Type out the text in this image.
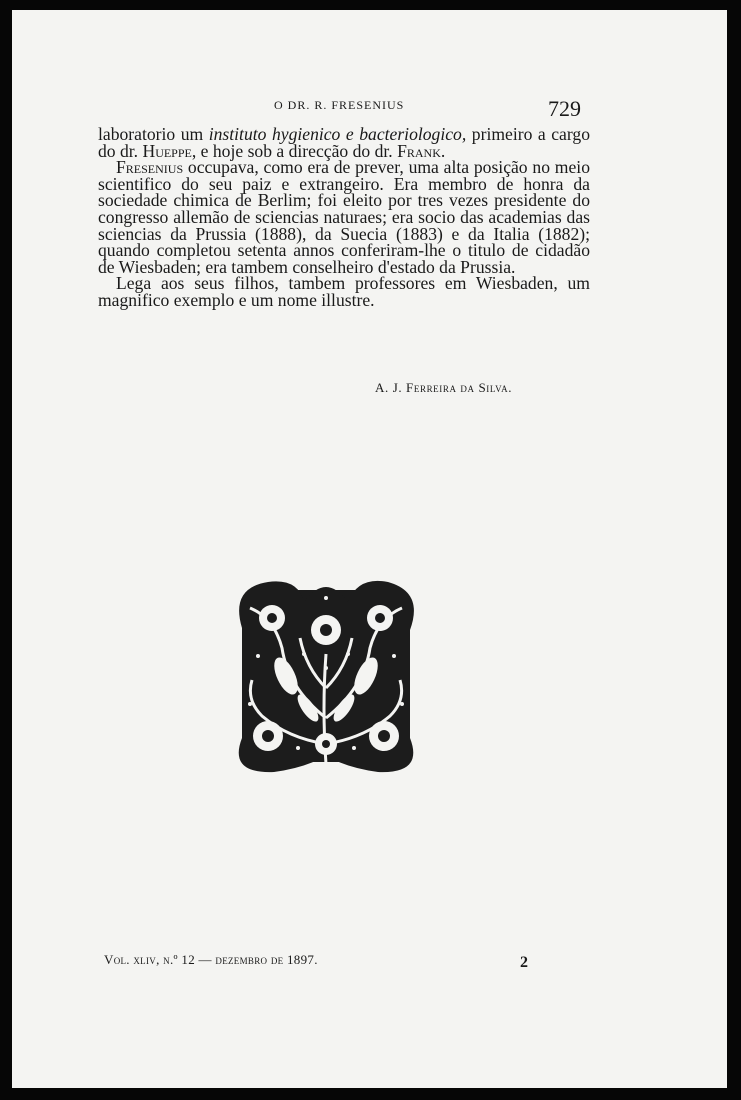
O DR. R. FRESENIUS	729

laboratorio um instituto hygienico e bacteriologico, primeiro a cargo do dr. Hueppe, e hoje sob a direcção do dr. Frank.

Fresenius occupava, como era de prever, uma alta posição no meio scientifico do seu paiz e extrangeiro. Era membro de honra da sociedade chimica de Berlim; foi eleito por tres vezes presidente do congresso allemão de sciencias naturaes; era socio das academias das sciencias da Prussia (1888), da Suecia (1883) e da Italia (1882); quando completou setenta annos conferiram-lhe o titulo de cidadão de Wiesbaden; era tambem conselheiro d'estado da Prussia.

Lega aos seus filhos, tambem professores em Wiesbaden, um magnifico exemplo e um nome illustre.

A. J. Ferreira da Silva.
Vol. xliv, n.º 12 — dezembro de 1897.	2
